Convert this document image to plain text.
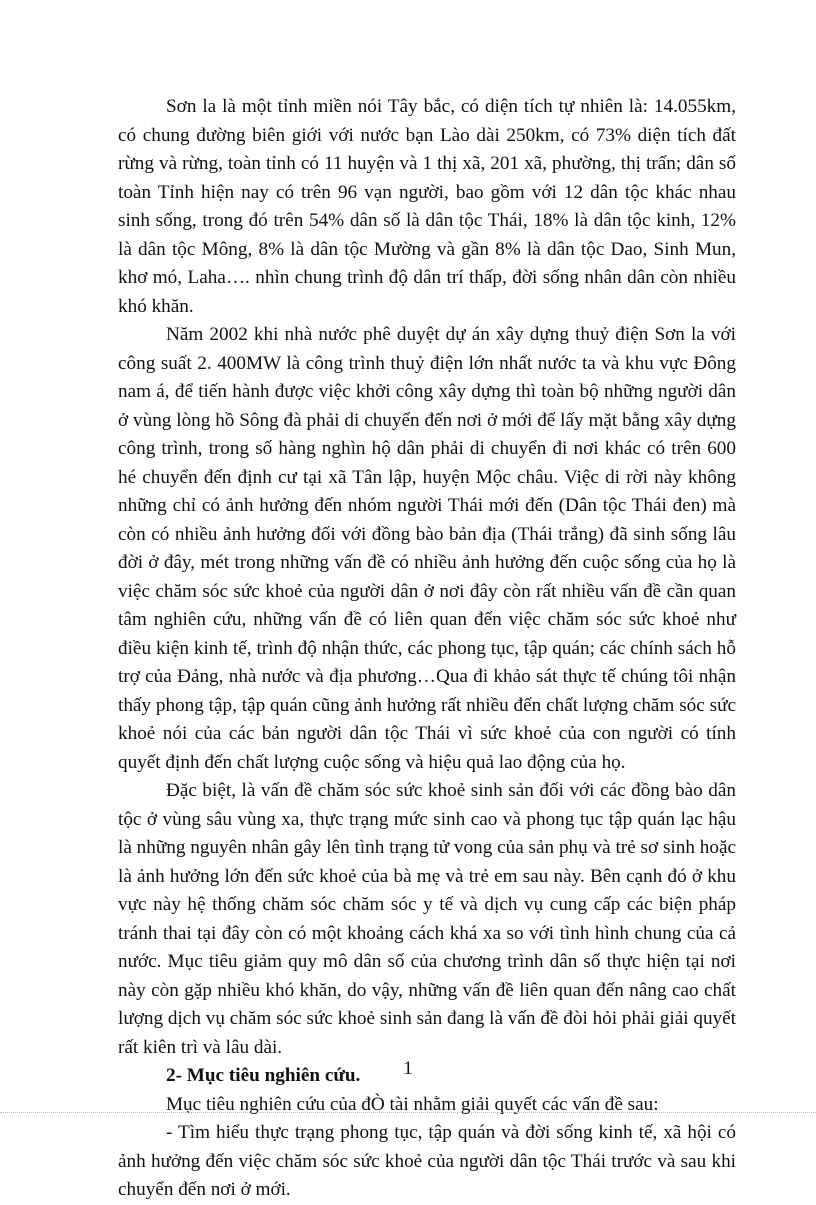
Sơn la là một tỉnh miền nói Tây bắc, có diện tích tự nhiên là: 14.055km, có chung đường biên giới với nước bạn Lào dài 250km, có 73% diện tích đất rừng và rừng, toàn tỉnh có 11 huyện và 1 thị xã, 201 xã, phường, thị trấn; dân số toàn Tỉnh hiện nay có trên 96 vạn người, bao gồm với 12 dân tộc khác nhau sinh sống, trong đó trên 54% dân số là dân tộc Thái, 18% là dân tộc kinh, 12% là dân tộc Mông, 8% là dân tộc Mường và gần 8% là dân tộc Dao, Sinh Mun, khơ mó, Laha…. nhìn chung trình độ dân trí thấp, đời sống nhân dân còn nhiều khó khăn.

Năm 2002 khi nhà nước phê duyệt dự án xây dựng thuỷ điện Sơn la với công suất 2. 400MW là công trình thuỷ điện lớn nhất nước ta và khu vực Đông nam á, để tiến hành được việc khởi công xây dựng thì toàn bộ những người dân ở vùng lòng hồ Sông đà phải di chuyển đến nơi ở mới để lấy mặt bằng xây dựng công trình, trong số hàng nghìn hộ dân phải di chuyển đi nơi khác có trên 600 hé chuyển đến định cư tại xã Tân lập, huyện Mộc châu. Việc di rời này không những chỉ có ảnh hưởng đến nhóm người Thái mới đến (Dân tộc Thái đen) mà còn có nhiều ảnh hưởng đối với đồng bào bản địa (Thái trắng) đã sinh sống lâu đời ở đây, mét trong những vấn đề có nhiều ảnh hưởng đến cuộc sống của họ là việc chăm sóc sức khoẻ của người dân ở nơi đây còn rất nhiều vấn đề cần quan tâm nghiên cứu, những vấn đề có liên quan đến việc chăm sóc sức khoẻ như điều kiện kinh tế, trình độ nhận thức, các phong tục, tập quán; các chính sách hỗ trợ của Đảng, nhà nước và địa phương…Qua đi khảo sát thực tế chúng tôi nhận thấy phong tập, tập quán cũng ảnh hưởng rất nhiều đến chất lượng chăm sóc sức khoẻ nói của các bản người dân tộc Thái vì sức khoẻ của con người có tính quyết định đến chất lượng cuộc sống và hiệu quả lao động của họ.

Đặc biệt, là vấn đề chăm sóc sức khoẻ sinh sản đối với các đồng bào dân tộc ở vùng sâu vùng xa, thực trạng mức sinh cao và phong tục tập quán lạc hậu là những nguyên nhân gây lên tình trạng tử vong của sản phụ và trẻ sơ sinh hoặc là ảnh hưởng lớn đến sức khoẻ của bà mẹ và trẻ em sau này. Bên cạnh đó ở khu vực này hệ thống chăm sóc chăm sóc y tế và dịch vụ cung cấp các biện pháp tránh thai tại đây còn có một khoảng cách khá xa so với tình hình chung của cả nước. Mục tiêu giảm quy mô dân số của chương trình dân số thực hiện tại nơi này còn gặp nhiều khó khăn, do vậy, những vấn đề liên quan đến nâng cao chất lượng dịch vụ chăm sóc sức khoẻ sinh sản đang là vấn đề đòi hỏi phải giải quyết rất kiên trì và lâu dài.

2- Mục tiêu nghiên cứu.

Mục tiêu nghiên cứu của đÒ tài nhằm giải quyết các vấn đề sau:

- Tìm hiểu thực trạng phong tục, tập quán và đời sống kinh tế, xã hội có ảnh hưởng đến việc chăm sóc sức khoẻ của người dân tộc Thái trước và sau khi chuyển đến nơi ở mới.

1
